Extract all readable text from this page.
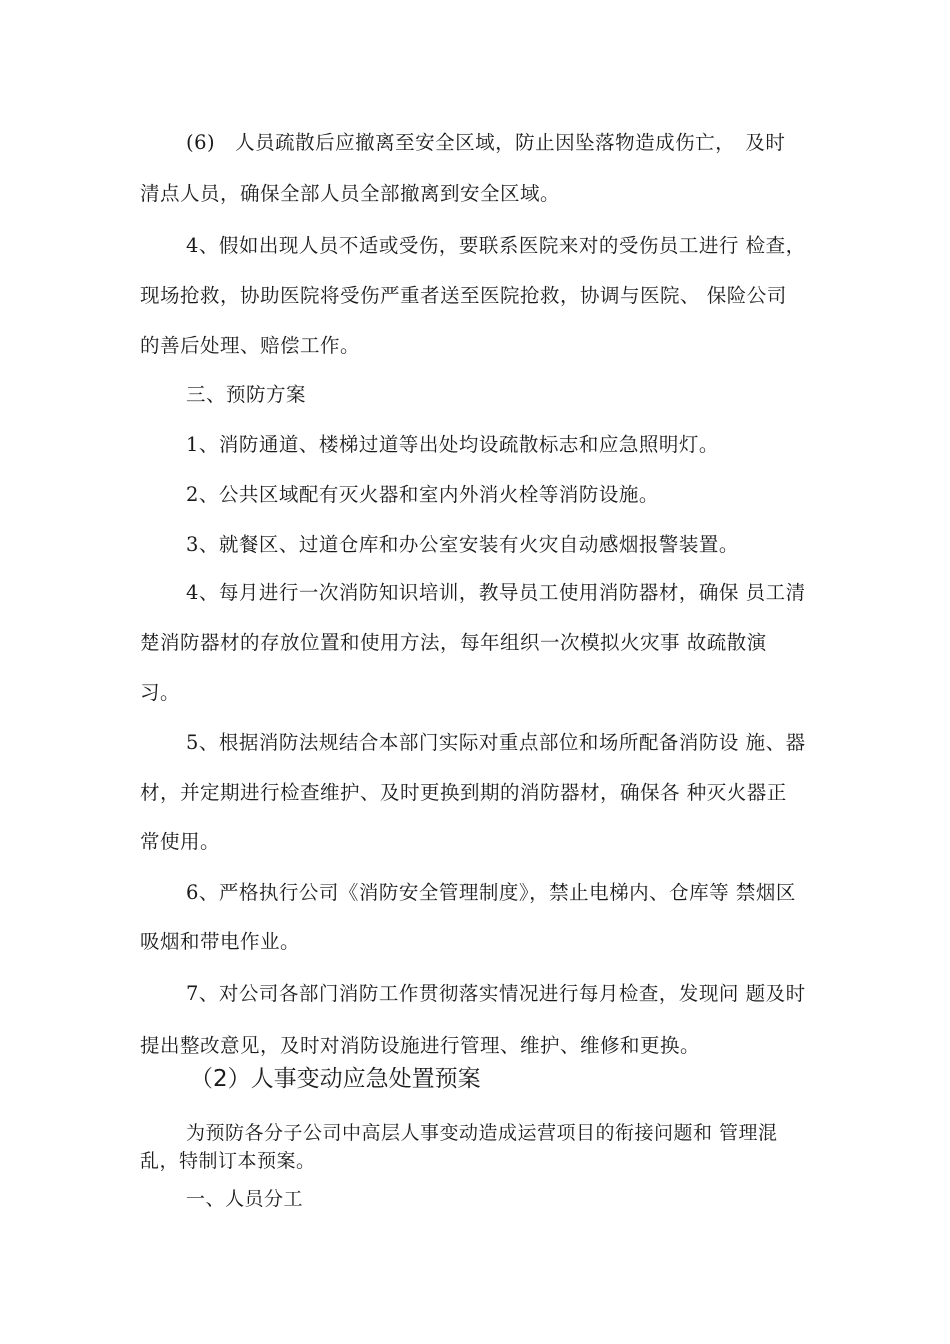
(6)　人员疏散后应撤离至安全区域，防止因坠落物造成伤亡，　及时
清点人员，确保全部人员全部撤离到安全区域。
4、假如出现人员不适或受伤，要联系医院来对的受伤员工进行 检查，
现场抢救，协助医院将受伤严重者送至医院抢救，协调与医院、 保险公司
的善后处理、赔偿工作。
三、预防方案
1、消防通道、楼梯过道等出处均设疏散标志和应急照明灯。
2、公共区域配有灭火器和室内外消火栓等消防设施。
3、就餐区、过道仓库和办公室安装有火灾自动感烟报警装置。
4、每月进行一次消防知识培训，教导员工使用消防器材，确保 员工清
楚消防器材的存放位置和使用方法，每年组织一次模拟火灾事 故疏散演
习。
5、根据消防法规结合本部门实际对重点部位和场所配备消防设 施、器
材，并定期进行检查维护、及时更换到期的消防器材，确保各 种灭火器正
常使用。
6、严格执行公司《消防安全管理制度》，禁止电梯内、仓库等 禁烟区
吸烟和带电作业。
7、对公司各部门消防工作贯彻落实情况进行每月检查，发现问 题及时
提出整改意见，及时对消防设施进行管理、维护、维修和更换。
（2）人事变动应急处置预案
为预防各分子公司中高层人事变动造成运营项目的衔接问题和 管理混
乱，特制订本预案。
一、人员分工
